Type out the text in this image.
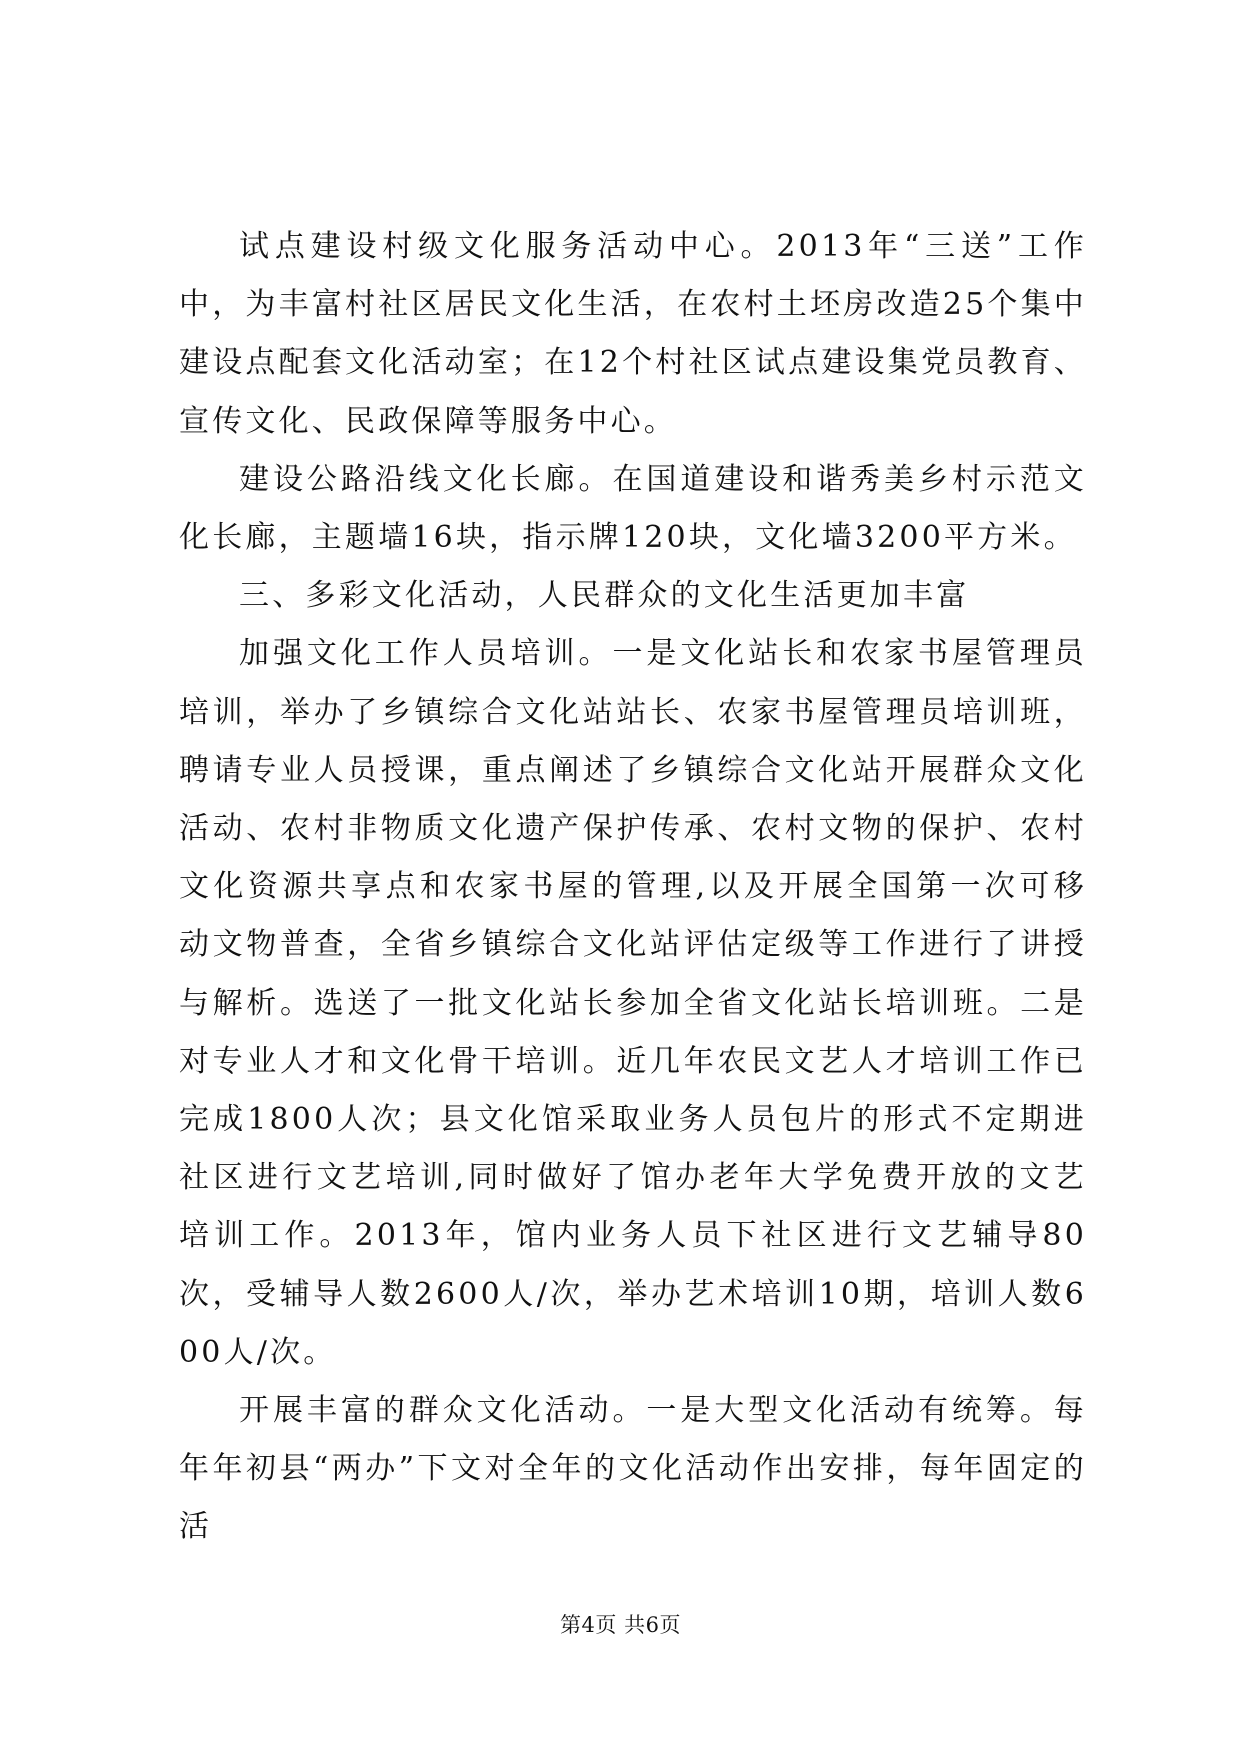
试点建设村级文化服务活动中心。2013年“三送”工作中，为丰富村社区居民文化生活，在农村土坯房改造25个集中建设点配套文化活动室；在12个村社区试点建设集党员教育、宣传文化、民政保障等服务中心。

建设公路沿线文化长廊。在国道建设和谐秀美乡村示范文化长廊，主题墙16块，指示牌120块，文化墙3200平方米。

三、多彩文化活动，人民群众的文化生活更加丰富

加强文化工作人员培训。一是文化站长和农家书屋管理员培训，举办了乡镇综合文化站站长、农家书屋管理员培训班，聘请专业人员授课，重点阐述了乡镇综合文化站开展群众文化活动、农村非物质文化遗产保护传承、农村文物的保护、农村文化资源共享点和农家书屋的管理,以及开展全国第一次可移动文物普查，全省乡镇综合文化站评估定级等工作进行了讲授与解析。选送了一批文化站长参加全省文化站长培训班。二是对专业人才和文化骨干培训。近几年农民文艺人才培训工作已完成1800人次；县文化馆采取业务人员包片的形式不定期进社区进行文艺培训,同时做好了馆办老年大学免费开放的文艺培训工作。2013年，馆内业务人员下社区进行文艺辅导80次，受辅导人数2600人/次，举办艺术培训10期，培训人数600人/次。

开展丰富的群众文化活动。一是大型文化活动有统筹。每年年初县“两办”下文对全年的文化活动作出安排，每年固定的活

第4页 共6页
